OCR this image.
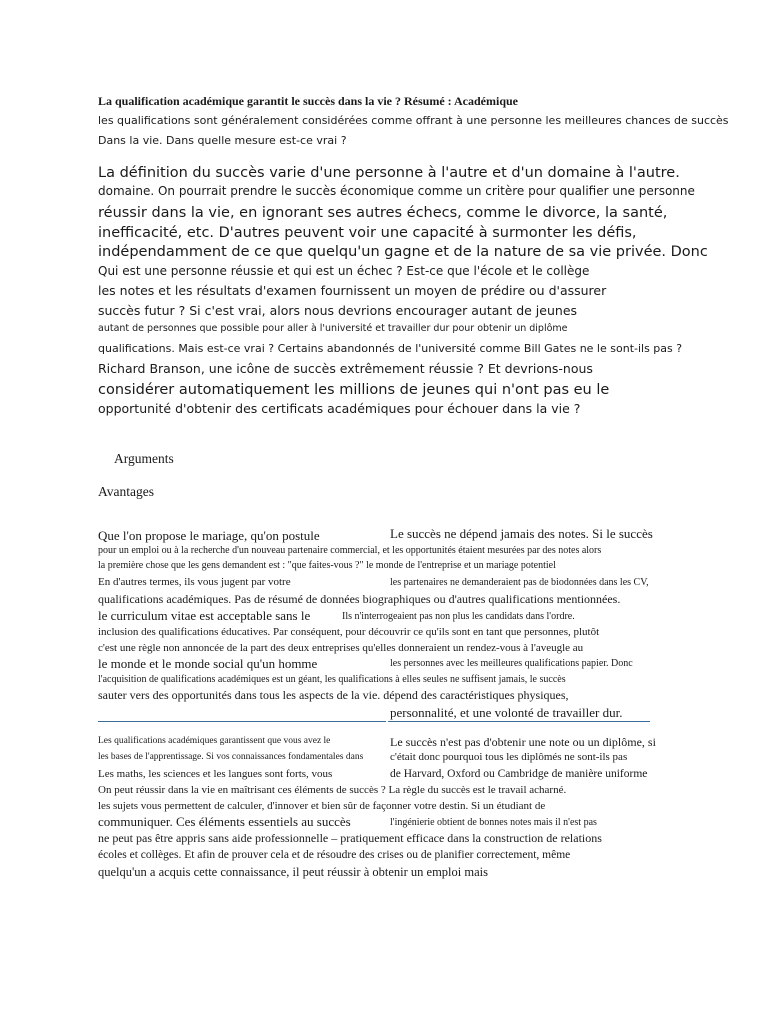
La qualification académique garantit le succès dans la vie ? Résumé : Académique
les qualifications sont généralement considérées comme offrant à une personne les meilleures chances de succès
Dans la vie. Dans quelle mesure est-ce vrai ?
La définition du succès varie d'une personne à l'autre et d'un domaine à l'autre.
domaine. On pourrait prendre le succès économique comme un critère pour qualifier une personne
réussir dans la vie, en ignorant ses autres échecs, comme le divorce, la santé,
inefficacité, etc. D'autres peuvent voir une capacité à surmonter les défis,
indépendamment de ce que quelqu'un gagne et de la nature de sa vie privée. Donc
Qui est une personne réussie et qui est un échec ? Est-ce que l'école et le collège
les notes et les résultats d'examen fournissent un moyen de prédire ou d'assurer
succès futur ? Si c'est vrai, alors nous devrions encourager autant de jeunes
autant de personnes que possible pour aller à l'université et travailler dur pour obtenir un diplôme
qualifications. Mais est-ce vrai ? Certains abandonnés de l'université comme Bill Gates ne le sont-ils pas ?
Richard Branson, une icône de succès extrêmement réussie ? Et devrions-nous
considérer automatiquement les millions de jeunes qui n'ont pas eu le
opportunité d'obtenir des certificats académiques pour échouer dans la vie ?
Arguments
Avantages
Que l'on propose le mariage, qu'on postule	Le succès ne dépend jamais des notes. Si le succès
pour un emploi ou à la recherche d'un nouveau partenaire commercial, et les opportunités étaient mesurées par des notes alors
la première chose que les gens demandent est : "que faites-vous ?" le monde de l'entreprise et un mariage potentiel
En d'autres termes, ils vous jugent par votre	les partenaires ne demanderaient pas de biodonnées dans les CV,
qualifications académiques. Pas de résumé de données biographiques ou d'autres qualifications mentionnées.
le curriculum vitae est acceptable sans le	Ils n'interrogeaient pas non plus les candidats dans l'ordre.
inclusion des qualifications éducatives. Par conséquent, pour découvrir ce qu'ils sont en tant que personnes, plutôt
c'est une règle non annoncée de la part des deux entreprises qu'elles donneraient un rendez-vous à l'aveugle au
le monde et le monde social qu'un homme	les personnes avec les meilleures qualifications papier. Donc
l'acquisition de qualifications académiques est un géant, les qualifications à elles seules ne suffisent jamais, le succès
sauter vers des opportunités dans tous les aspects de la vie. dépend des caractéristiques physiques,
personnalité, et une volonté de travailler dur.
Les qualifications académiques garantissent que vous avez le	Le succès n'est pas d'obtenir une note ou un diplôme, si
les bases de l'apprentissage. Si vos connaissances fondamentales dans c'était donc pourquoi tous les diplômés ne sont-ils pas
Les maths, les sciences et les langues sont forts, vous	de Harvard, Oxford ou Cambridge de manière uniforme
On peut réussir dans la vie en maîtrisant ces éléments de succès ? La règle du succès est le travail acharné.
les sujets vous permettent de calculer, d'innover et bien sûr de façonner votre destin. Si un étudiant de
communiquer. Ces éléments essentiels au succès	l'ingénierie obtient de bonnes notes mais il n'est pas
ne peut pas être appris sans aide professionnelle – pratiquement efficace dans la construction de relations
écoles et collèges. Et afin de prouver cela et de résoudre des crises ou de planifier correctement, même
quelqu'un a acquis cette connaissance, il peut réussir à obtenir un emploi mais
